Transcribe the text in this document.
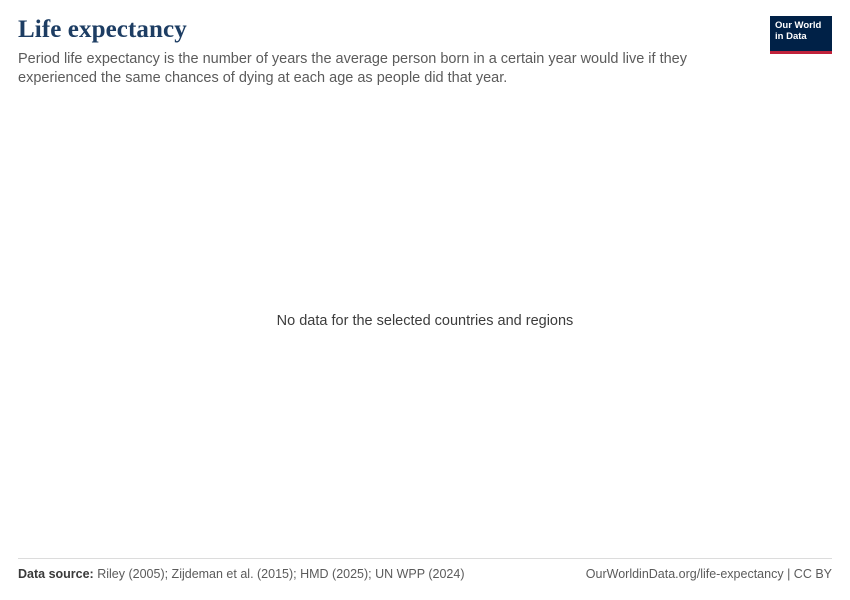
Life expectancy

Period life expectancy is the number of years the average person born in a certain year would live if they experienced the same chances of dying at each age as people did that year.

Our World
in Data
No data for the selected countries and regions
Data source: Riley (2005); Zijdeman et al. (2015); HMD (2025); UN WPP (2024)	OurWorldinData.org/life-expectancy | CC BY
